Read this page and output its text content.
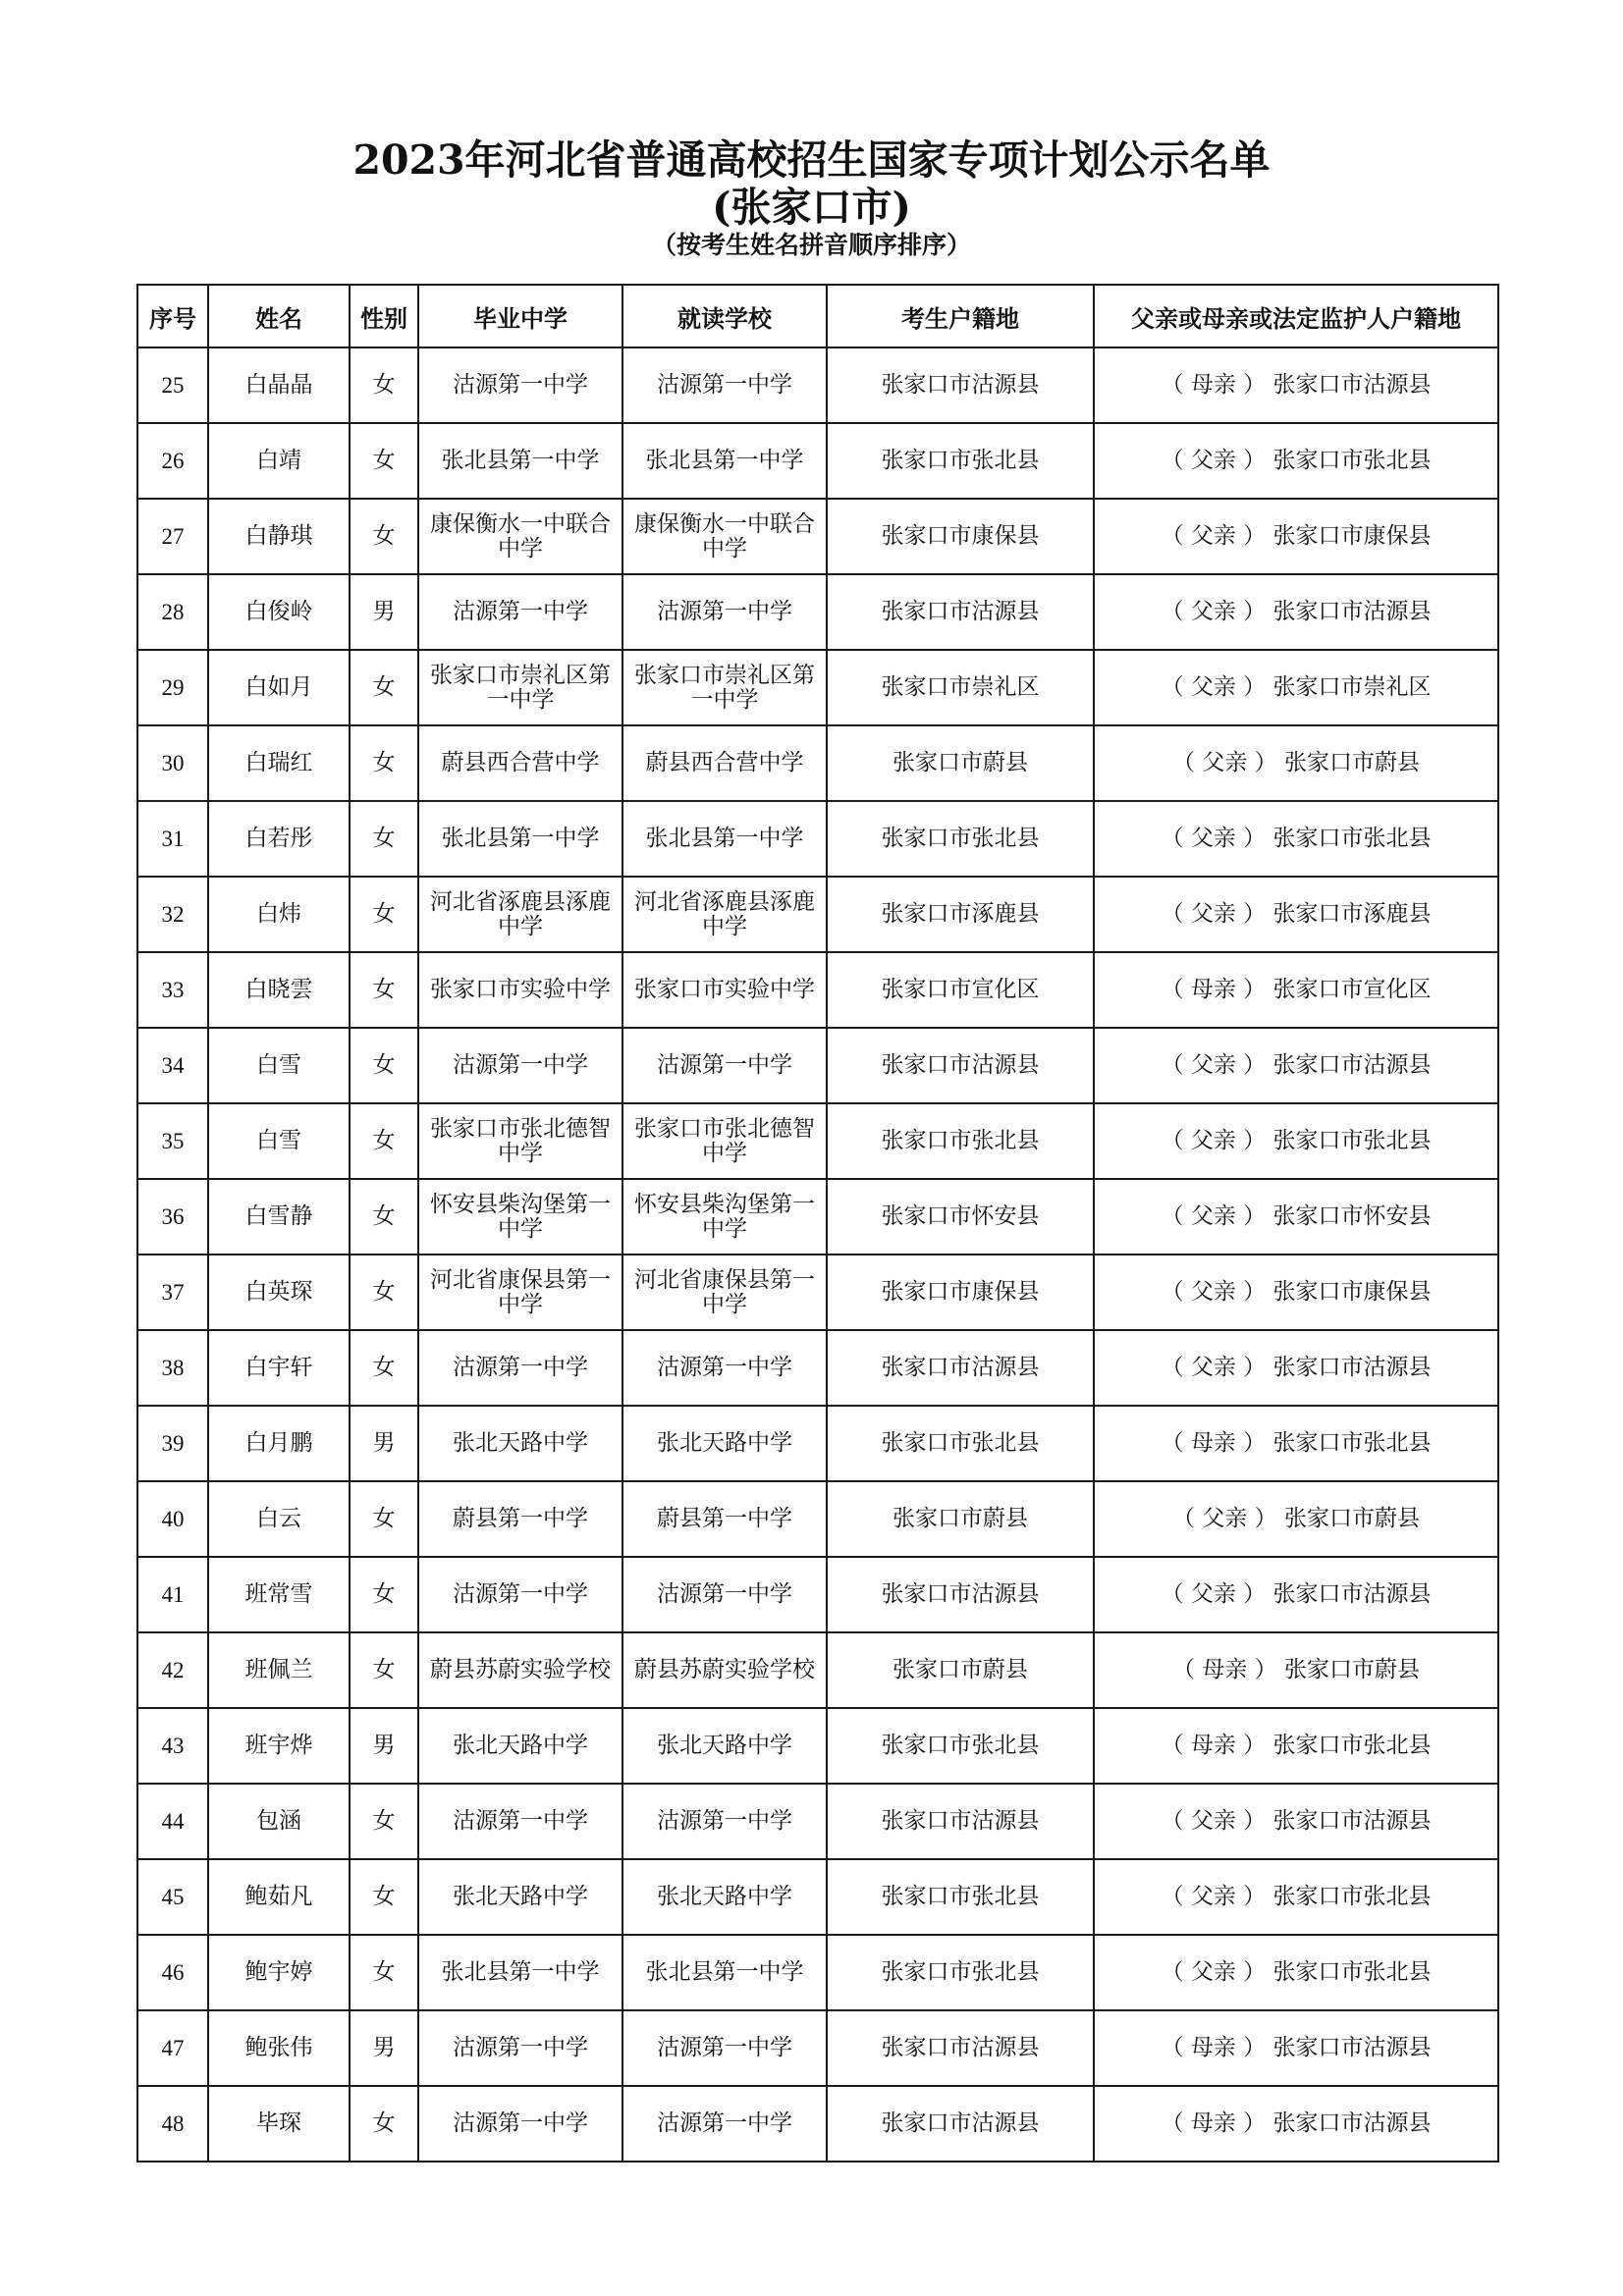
2023年河北省普通高校招生国家专项计划公示名单
(张家口市)
（按考生姓名拼音顺序排序）
序号	姓名	性别	毕业中学	就读学校	考生户籍地	父亲或母亲或法定监护人户籍地
25	白晶晶	女	沽源第一中学	沽源第一中学	张家口市沽源县	（ 母亲 ） 张家口市沽源县
26	白靖	女	张北县第一中学	张北县第一中学	张家口市张北县	（ 父亲 ） 张家口市张北县
27	白静琪	女	康保衡水一中联合中学	康保衡水一中联合中学	张家口市康保县	（ 父亲 ） 张家口市康保县
28	白俊岭	男	沽源第一中学	沽源第一中学	张家口市沽源县	（ 父亲 ） 张家口市沽源县
29	白如月	女	张家口市崇礼区第一中学	张家口市崇礼区第一中学	张家口市崇礼区	（ 父亲 ） 张家口市崇礼区
30	白瑞红	女	蔚县西合营中学	蔚县西合营中学	张家口市蔚县	（ 父亲 ） 张家口市蔚县
31	白若彤	女	张北县第一中学	张北县第一中学	张家口市张北县	（ 父亲 ） 张家口市张北县
32	白炜	女	河北省涿鹿县涿鹿中学	河北省涿鹿县涿鹿中学	张家口市涿鹿县	（ 父亲 ） 张家口市涿鹿县
33	白晓雲	女	张家口市实验中学	张家口市实验中学	张家口市宣化区	（ 母亲 ） 张家口市宣化区
34	白雪	女	沽源第一中学	沽源第一中学	张家口市沽源县	（ 父亲 ） 张家口市沽源县
35	白雪	女	张家口市张北德智中学	张家口市张北德智中学	张家口市张北县	（ 父亲 ） 张家口市张北县
36	白雪静	女	怀安县柴沟堡第一中学	怀安县柴沟堡第一中学	张家口市怀安县	（ 父亲 ） 张家口市怀安县
37	白英琛	女	河北省康保县第一中学	河北省康保县第一中学	张家口市康保县	（ 父亲 ） 张家口市康保县
38	白宇轩	女	沽源第一中学	沽源第一中学	张家口市沽源县	（ 父亲 ） 张家口市沽源县
39	白月鹏	男	张北天路中学	张北天路中学	张家口市张北县	（ 母亲 ） 张家口市张北县
40	白云	女	蔚县第一中学	蔚县第一中学	张家口市蔚县	（ 父亲 ） 张家口市蔚县
41	班常雪	女	沽源第一中学	沽源第一中学	张家口市沽源县	（ 父亲 ） 张家口市沽源县
42	班佩兰	女	蔚县苏蔚实验学校	蔚县苏蔚实验学校	张家口市蔚县	（ 母亲 ） 张家口市蔚县
43	班宇烨	男	张北天路中学	张北天路中学	张家口市张北县	（ 母亲 ） 张家口市张北县
44	包涵	女	沽源第一中学	沽源第一中学	张家口市沽源县	（ 父亲 ） 张家口市沽源县
45	鲍茹凡	女	张北天路中学	张北天路中学	张家口市张北县	（ 父亲 ） 张家口市张北县
46	鲍宇婷	女	张北县第一中学	张北县第一中学	张家口市张北县	（ 父亲 ） 张家口市张北县
47	鲍张伟	男	沽源第一中学	沽源第一中学	张家口市沽源县	（ 母亲 ） 张家口市沽源县
48	毕琛	女	沽源第一中学	沽源第一中学	张家口市沽源县	（ 母亲 ） 张家口市沽源县
